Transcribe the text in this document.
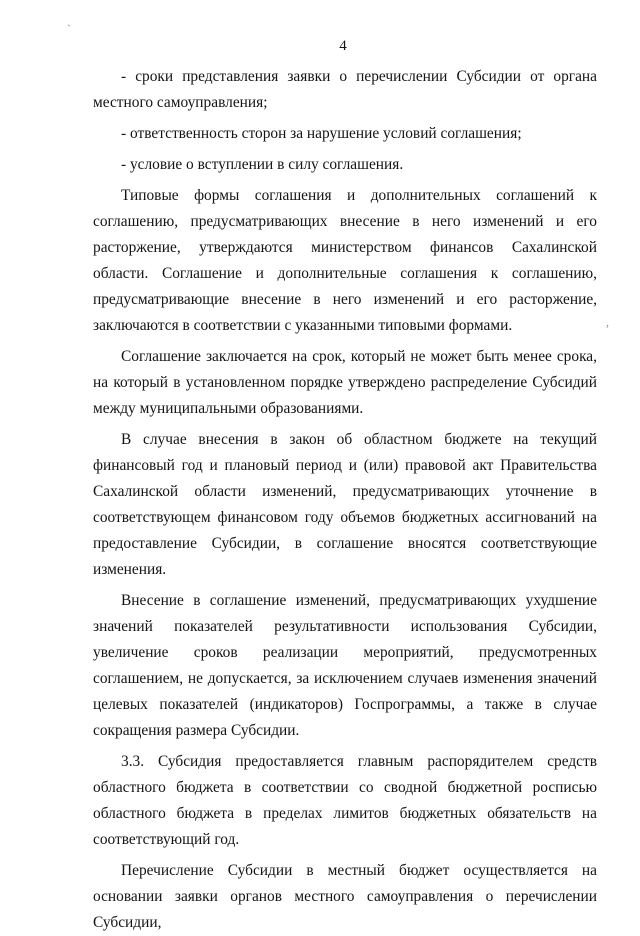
4

- сроки представления заявки о перечислении Субсидии от органа местного самоуправления;

- ответственность сторон за нарушение условий соглашения;

- условие о вступлении в силу соглашения.

Типовые формы соглашения и дополнительных соглашений к соглашению, предусматривающих внесение в него изменений и его расторжение, утверждаются министерством финансов Сахалинской области. Соглашение и дополнительные соглашения к соглашению, предусматривающие внесение в него изменений и его расторжение, заключаются в соответствии с указанными типовыми формами.

Соглашение заключается на срок, который не может быть менее срока, на который в установленном порядке утверждено распределение Субсидий между муниципальными образованиями.

В случае внесения в закон об областном бюджете на текущий финансовый год и плановый период и (или) правовой акт Правительства Сахалинской области изменений, предусматривающих уточнение в соответствующем финансовом году объемов бюджетных ассигнований на предоставление Субсидии, в соглашение вносятся соответствующие изменения.

Внесение в соглашение изменений, предусматривающих ухудшение значений показателей результативности использования Субсидии, увеличение сроков реализации мероприятий, предусмотренных соглашением, не допускается, за исключением случаев изменения значений целевых показателей (индикаторов) Госпрограммы, а также в случае сокращения размера Субсидии.

3.3. Субсидия предоставляется главным распорядителем средств областного бюджета в соответствии со сводной бюджетной росписью областного бюджета в пределах лимитов бюджетных обязательств на соответствующий год.

Перечисление Субсидии в местный бюджет осуществляется на основании заявки органов местного самоуправления о перечислении Субсидии,

`
,
